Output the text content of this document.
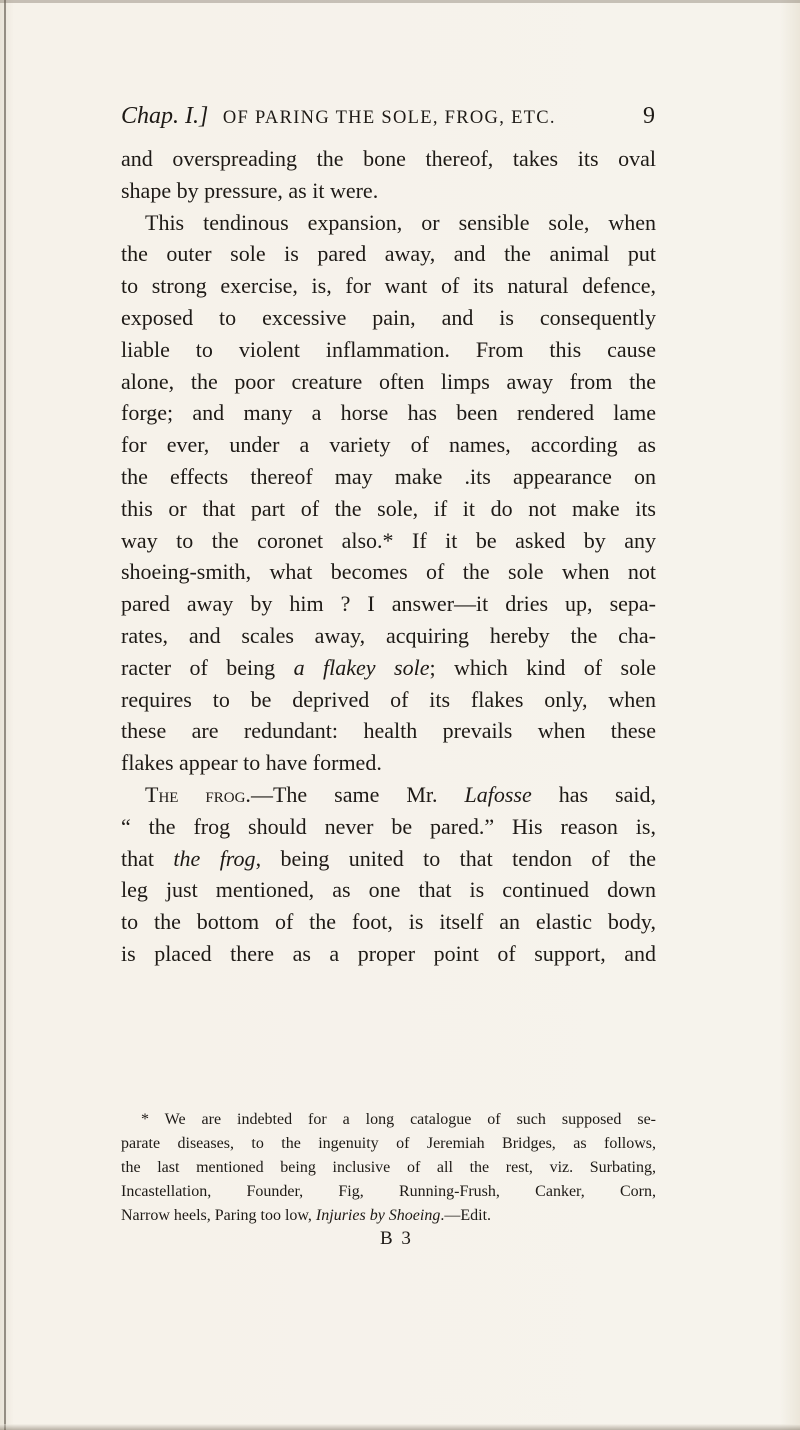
Chap. I.] OF PARING THE SOLE, FROG, ETC.	9
and overspreading the bone thereof, takes its oval
shape by pressure, as it were.
This tendinous expansion, or sensible sole, when
the outer sole is pared away, and the animal put
to strong exercise, is, for want of its natural defence,
exposed to excessive pain, and is consequently
liable to violent inflammation. From this cause
alone, the poor creature often limps away from the
forge; and many a horse has been rendered lame
for ever, under a variety of names, according as
the effects thereof may make .its appearance on
this or that part of the sole, if it do not make its
way to the coronet also.* If it be asked by any
shoeing-smith, what becomes of the sole when not
pared away by him ? I answer—it dries up, sepa-
rates, and scales away, acquiring hereby the cha-
racter of being a flakey sole; which kind of sole
requires to be deprived of its flakes only, when
these are redundant: health prevails when these
flakes appear to have formed.
The frog.—The same Mr. Lafosse has said,
“ the frog should never be pared.” His reason is,
that the frog, being united to that tendon of the
leg just mentioned, as one that is continued down
to the bottom of the foot, is itself an elastic body,
is placed there as a proper point of support, and
* We are indebted for a long catalogue of such supposed se-
parate diseases, to the ingenuity of Jeremiah Bridges, as follows,
the last mentioned being inclusive of all the rest, viz. Surbating,
Incastellation, Founder, Fig, Running-Frush, Canker, Corn,
Narrow heels, Paring too low, Injuries by Shoeing.—Edit.
B 3
